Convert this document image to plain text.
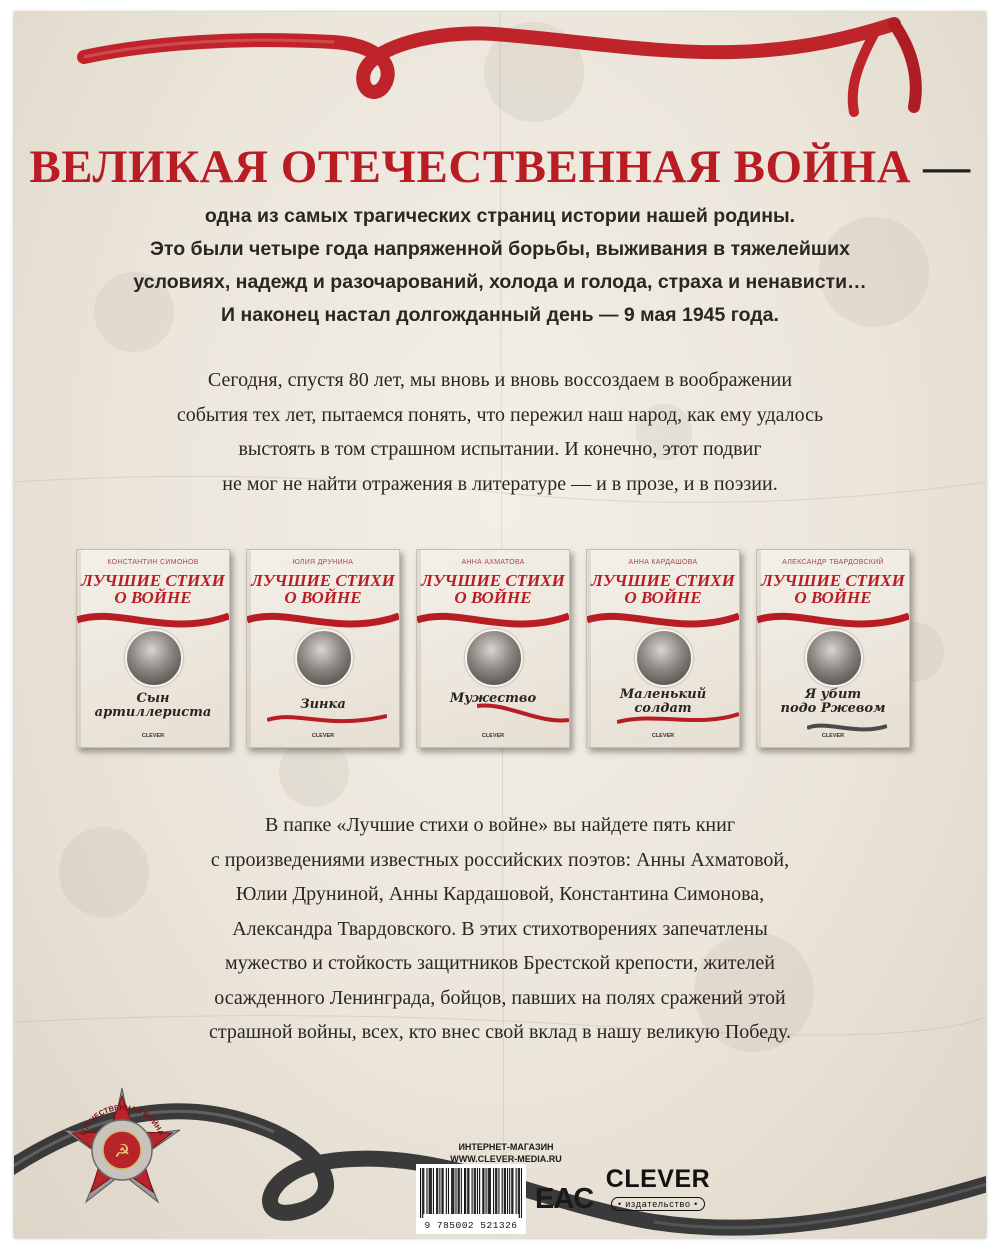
☭
ОТЕЧЕСТВЕННАЯ ВОЙНА
ВЕЛИКАЯ ОТЕЧЕСТВЕННАЯ ВОЙНА —
одна из самых трагических страниц истории нашей родины.
Это были четыре года напряженной борьбы, выживания в тяжелейших
условиях, надежд и разочарований, холода и голода, страха и ненависти…
И наконец настал долгожданный день — 9 мая 1945 года.
Сегодня, спустя 80 лет, мы вновь и вновь воссоздаем в воображении
события тех лет, пытаемся понять, что пережил наш народ, как ему удалось
выстоять в том страшном испытании. И конечно, этот подвиг
не мог не найти отражения в литературе — и в прозе, и в поэзии.
КОНСТАНТИН СИМОНОВ
ЛУЧШИЕ СТИХИ
О ВОЙНЕ
Сын
артиллериста
CLEVER
ЮЛИЯ ДРУНИНА
ЛУЧШИЕ СТИХИ
О ВОЙНЕ
Зинка
CLEVER
АННА АХМАТОВА
ЛУЧШИЕ СТИХИ
О ВОЙНЕ
Мужество
CLEVER
АННА КАРДАШОВА
ЛУЧШИЕ СТИХИ
О ВОЙНЕ
Маленький
солдат
CLEVER
АЛЕКСАНДР ТВАРДОВСКИЙ
ЛУЧШИЕ СТИХИ
О ВОЙНЕ
Я убит
подо Ржевом
CLEVER
В папке «Лучшие стихи о войне» вы найдете пять книг
с произведениями известных российских поэтов: Анны Ахматовой,
Юлии Друниной, Анны Кардашовой, Константина Симонова,
Александра Твардовского. В этих стихотворениях запечатлены
мужество и стойкость защитников Брестской крепости, жителей
осажденного Ленинграда, бойцов, павших на полях сражений этой
страшной войны, всех, кто внес свой вклад в нашу великую Победу.
ИНТЕРНЕТ-МАГАЗИН
WWW.CLEVER-MEDIA.RU
9 785002 521326
EAC
CLEVER
• издательство •
